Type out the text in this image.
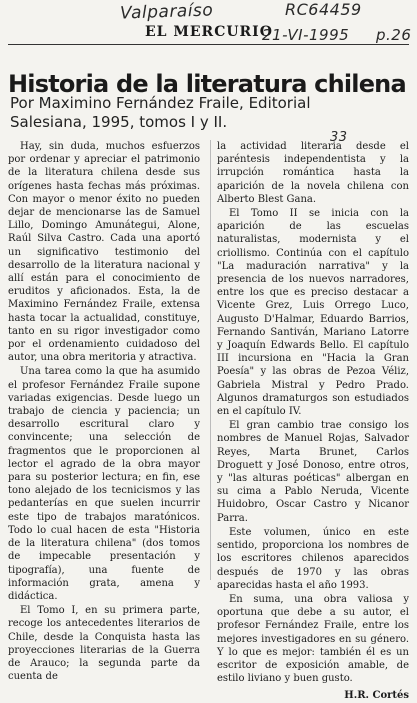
Valparaíso	RC64459
21-VI-1995 p.26
33
EL MERCURIO
Historia de la literatura chilena
Por Maximino Fernández Fraile, Editorial Salesiana, 1995, tomos I y II.

Hay, sin duda, muchos esfuerzos por ordenar y apreciar el patrimonio de la literatura chilena desde sus orígenes hasta fechas más próximas. Con mayor o menor éxito no pueden dejar de mencionarse las de Samuel Lillo, Domingo Amunátegui, Alone, Raúl Silva Castro. Cada una aportó un significativo testimonio del desarrollo de la literatura nacional y allí están para el conocimiento de eruditos y aficionados. Esta, la de Maximino Fernández Fraile, extensa hasta tocar la actualidad, constituye, tanto en su rigor investigador como por el ordenamiento cuidadoso del autor, una obra meritoria y atractiva.

Una tarea como la que ha asumido el profesor Fernández Fraile supone variadas exigencias. Desde luego un trabajo de ciencia y paciencia; un desarrollo escritural claro y convincente; una selección de fragmentos que le proporcionen al lector el agrado de la obra mayor para su posterior lectura; en fin, ese tono alejado de los tecnicismos y las pedanterías en que suelen incurrir este tipo de trabajos maratónicos. Todo lo cual hacen de esta "Historia de la literatura chilena" (dos tomos de impecable presentación y tipografía), una fuente de información grata, amena y didáctica.

El Tomo I, en su primera parte, recoge los antecedentes literarios de Chile, desde la Conquista hasta las proyecciones literarias de la Guerra de Arauco; la segunda parte da cuenta de

la actividad literaria desde el paréntesis independentista y la irrupción romántica hasta la aparición de la novela chilena con Alberto Blest Gana.

El Tomo II se inicia con la aparición de las escuelas naturalistas, modernista y el criollismo. Continúa con el capítulo "La maduración narrativa" y la presencia de los nuevos narradores, entre los que es preciso destacar a Vicente Grez, Luis Orrego Luco, Augusto D'Halmar, Eduardo Barrios, Fernando Santiván, Mariano Latorre y Joaquín Edwards Bello. El capítulo III incursiona en "Hacia la Gran Poesía" y las obras de Pezoa Véliz, Gabriela Mistral y Pedro Prado. Algunos dramaturgos son estudiados en el capítulo IV.

El gran cambio trae consigo los nombres de Manuel Rojas, Salvador Reyes, Marta Brunet, Carlos Droguett y José Donoso, entre otros, y "las alturas poéticas" albergan en su cima a Pablo Neruda, Vicente Huidobro, Oscar Castro y Nicanor Parra.

Este volumen, único en este sentido, proporciona los nombres de los escritores chilenos aparecidos después de 1970 y las obras aparecidas hasta el año 1993.

En suma, una obra valiosa y oportuna que debe a su autor, el profesor Fernández Fraile, entre los mejores investigadores en su género. Y lo que es mejor: también él es un escritor de exposición amable, de estilo liviano y buen gusto.

H.R. Cortés
